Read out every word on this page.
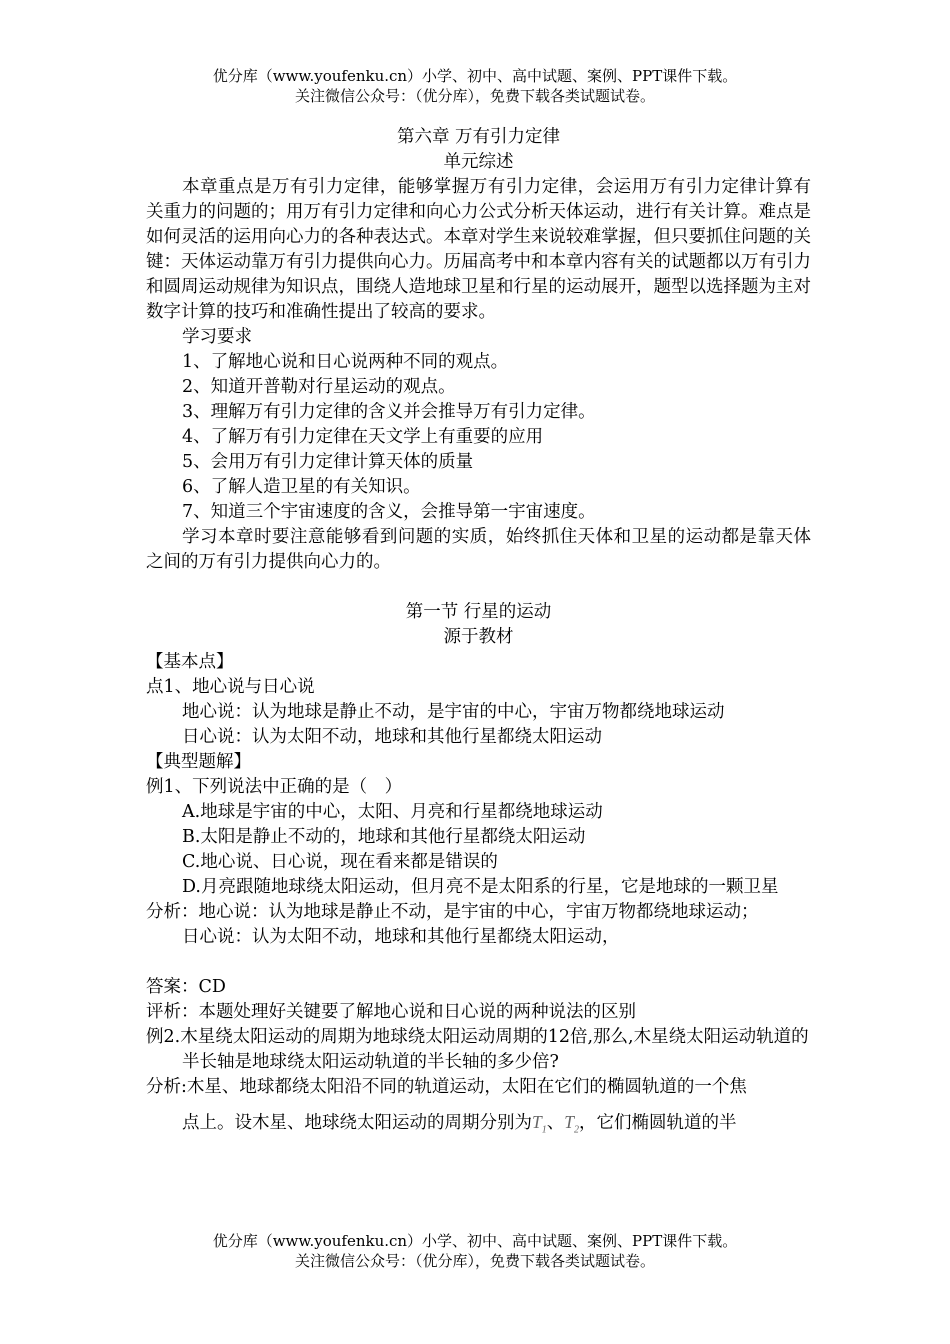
优分库（www.youfenku.cn）小学、初中、高中试题、案例、PPT课件下载。
关注微信公众号：（优分库），免费下载各类试题试卷。
第六章 万有引力定律
单元综述
本章重点是万有引力定律，能够掌握万有引力定律，会运用万有引力定律计算有关重力的问题的；用万有引力定律和向心力公式分析天体运动，进行有关计算。难点是如何灵活的运用向心力的各种表达式。本章对学生来说较难掌握，但只要抓住问题的关键：天体运动靠万有引力提供向心力。历届高考中和本章内容有关的试题都以万有引力和圆周运动规律为知识点，围绕人造地球卫星和行星的运动展开，题型以选择题为主对数字计算的技巧和准确性提出了较高的要求。
学习要求
1、了解地心说和日心说两种不同的观点。
2、知道开普勒对行星运动的观点。
3、理解万有引力定律的含义并会推导万有引力定律。
4、了解万有引力定律在天文学上有重要的应用
5、会用万有引力定律计算天体的质量
6、了解人造卫星的有关知识。
7、知道三个宇宙速度的含义，会推导第一宇宙速度。
学习本章时要注意能够看到问题的实质，始终抓住天体和卫星的运动都是靠天体之间的万有引力提供向心力的。
第一节 行星的运动
源于教材
【基本点】
点1、地心说与日心说
地心说：认为地球是静止不动，是宇宙的中心，宇宙万物都绕地球运动
日心说：认为太阳不动，地球和其他行星都绕太阳运动
【典型题解】
例1、下列说法中正确的是（　）
A.地球是宇宙的中心，太阳、月亮和行星都绕地球运动
B.太阳是静止不动的，地球和其他行星都绕太阳运动
C.地心说、日心说，现在看来都是错误的
D.月亮跟随地球绕太阳运动，但月亮不是太阳系的行星，它是地球的一颗卫星
分析：地心说：认为地球是静止不动，是宇宙的中心，宇宙万物都绕地球运动；
日心说：认为太阳不动，地球和其他行星都绕太阳运动，
答案：CD
评析：本题处理好关键要了解地心说和日心说的两种说法的区别
例2.木星绕太阳运动的周期为地球绕太阳运动周期的12倍,那么,木星绕太阳运动轨道的半长轴是地球绕太阳运动轨道的半长轴的多少倍?
分析:木星、地球都绕太阳沿不同的轨道运动，太阳在它们的椭圆轨道的一个焦
点上。设木星、地球绕太阳运动的周期分别为$T_1$、$T_2$，它们椭圆轨道的半
优分库（www.youfenku.cn）小学、初中、高中试题、案例、PPT课件下载。
关注微信公众号：（优分库），免费下载各类试题试卷。
